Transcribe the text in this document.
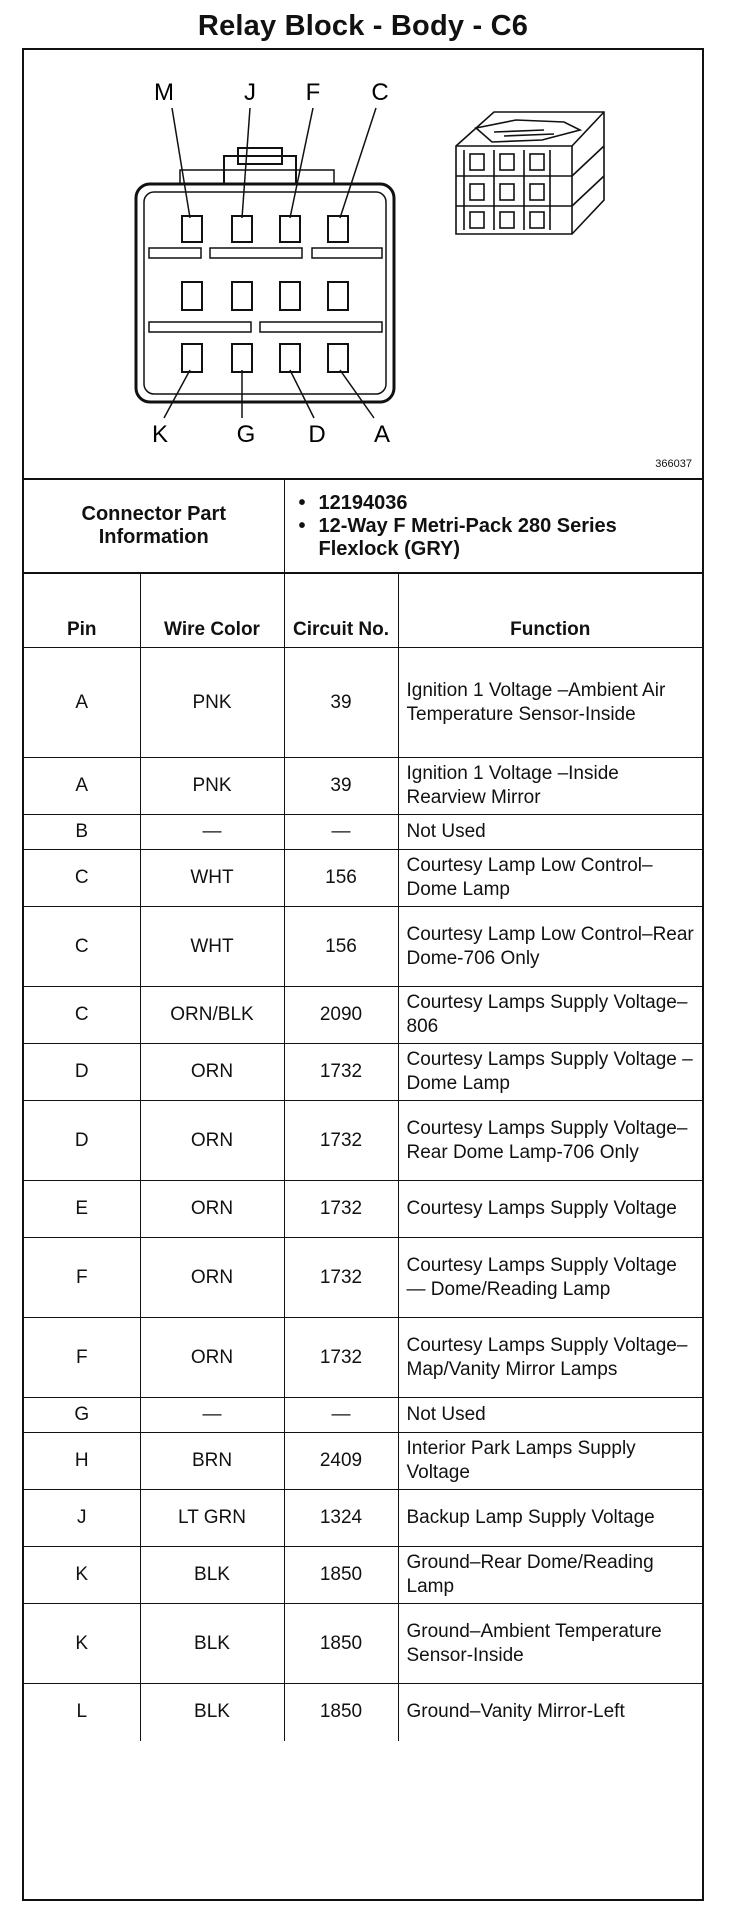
Relay Block - Body - C6
M	J F C
K	G D A
366037
Connector Part Information	
• 12194036
• 12-Way F Metri-Pack 280 Series Flexlock (GRY)
Pin	Wire Color	Circuit No.	Function
A	PNK	39	Ignition 1 Voltage –Ambient Air Temperature Sensor-Inside
A	PNK	39	Ignition 1 Voltage –Inside Rearview Mirror
B	—	—	Not Used
C	WHT	156	Courtesy Lamp Low Control–Dome Lamp
C	WHT	156	Courtesy Lamp Low Control–Rear Dome-706 Only
C	ORN/BLK	2090	Courtesy Lamps Supply Voltage–806
D	ORN	1732	Courtesy Lamps Supply Voltage –Dome Lamp
D	ORN	1732	Courtesy Lamps Supply Voltage–Rear Dome Lamp-706 Only
E	ORN	1732	Courtesy Lamps Supply Voltage
F	ORN	1732	Courtesy Lamps Supply Voltage — Dome/Reading Lamp
F	ORN	1732	Courtesy Lamps Supply Voltage–Map/Vanity Mirror Lamps
G	—	—	Not Used
H	BRN	2409	Interior Park Lamps Supply Voltage
J	LT GRN	1324	Backup Lamp Supply Voltage
K	BLK	1850	Ground–Rear Dome/Reading Lamp
K	BLK	1850	Ground–Ambient Temperature Sensor-Inside
L	BLK	1850	Ground–Vanity Mirror-Left
